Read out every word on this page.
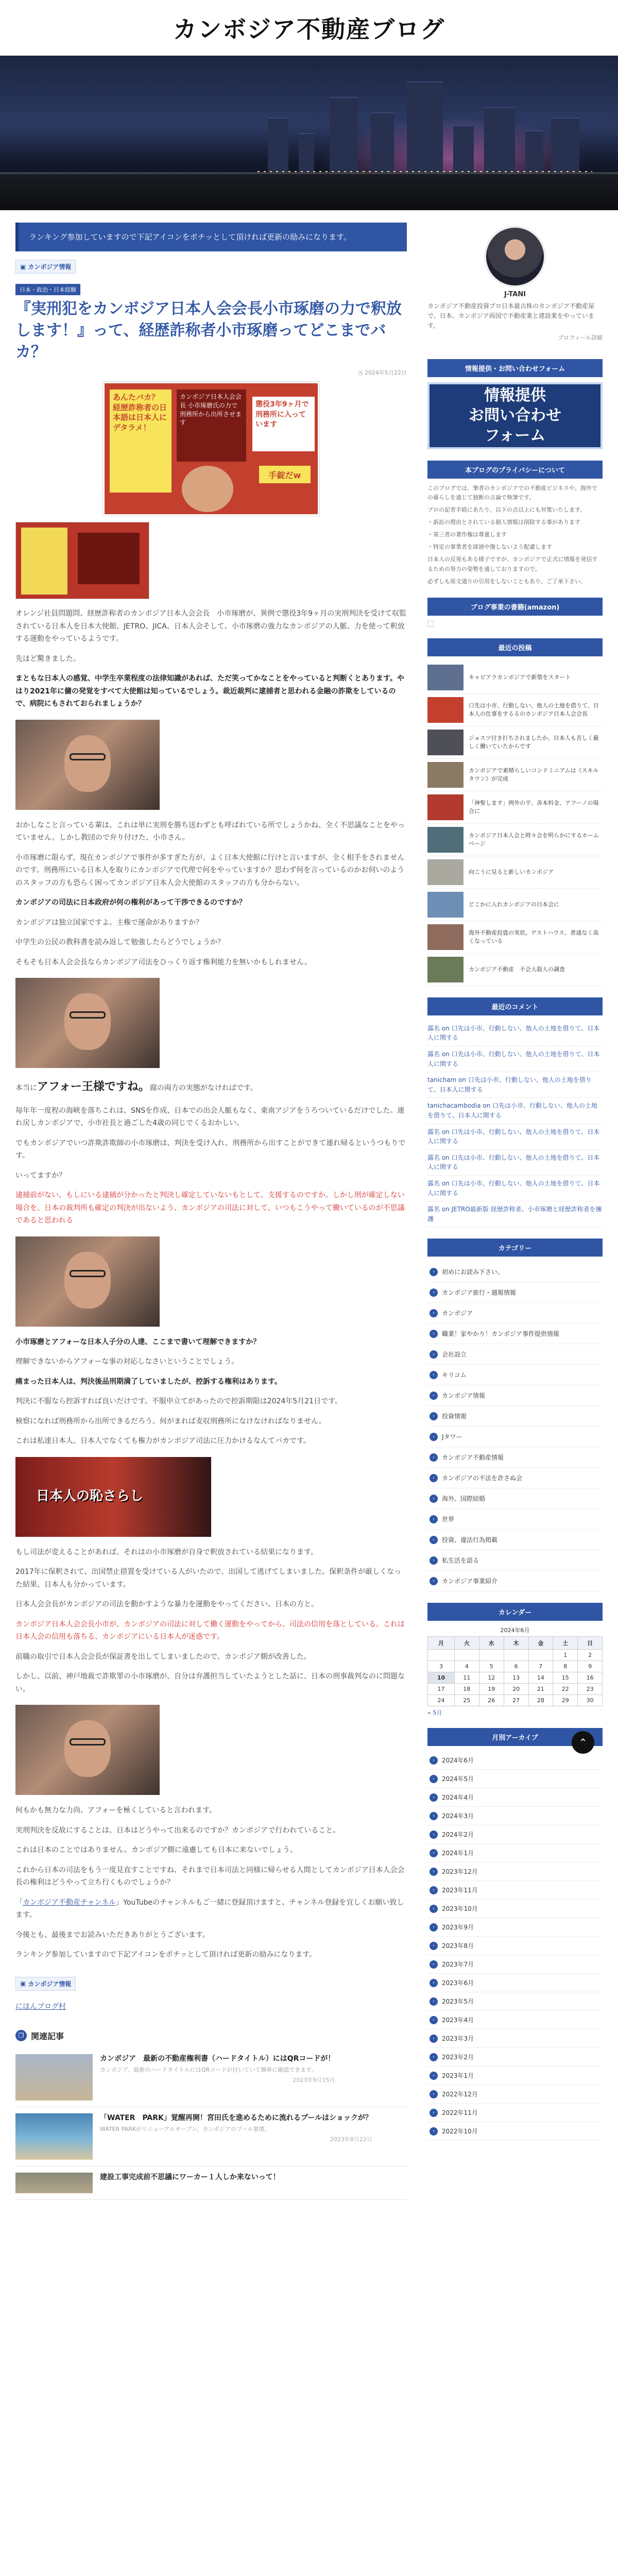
カンボジア不動産ブログ
ランキング参加していますので下記アイコンをポチッとして頂ければ更新の励みになります。
▣ カンボジア情報
日本・政治・日本経験
『実刑犯をカンボジア日本人会会長小市琢磨の力で釈放します！』って、経歴詐称者小市琢磨ってどこまでバカ？
◷ 2024年5月22日
あんたバカ？ 経歴詐称者の日本語は日本人にデタラメ！
カンボジア日本人会会長 小市琢磨氏の力で刑務所から出所させます
懲役3年9ヶ月で刑務所に入っています
手錠だw

オレンジ社員問題問、経歴詐称者のカンボジア日本人会会長　小市琢磨が、異例で懲役3年9ヶ月の実刑判決を受けて収監されている日本人を日本大使館、JETRO、JICA、日本人会そして、小市琢磨の強力なカンボジアの人脈、力を使って釈放する運動をやっているようです。

先ほど驚きました。

まともな日本人の感覚、中学生卒業程度の法律知識があれば、ただ笑ってかなことをやっていると判断くとあります。やはり2021年に傭の発覚をすべて大使館は知っているでしょう。裁近裁判に逮捕者と思われる金融の詐欺をしているので、病院にもされておられましょうか？

おかしなこと言っている輩は、これは単に実刑を勝ち送わずとも呼ばれている所でしょうかね、全く不思議なことをやっていません。しかし教団ので弁り付けた、小市さん。

小市琢磨に限らず、現在カンボジアで事件が多すぎた方が、よく日本大使館に行けと言いますが、全く相手をされませんのです。刑務所にいる日本人を取りにカンボジアで代理で何をやっていますか？思わず何を言っているのかお伺いのようのスタッフの方も恐らく困ってカンボジア日本人会大使館のスタッフの方も分からない。

カンボジアの司法に日本政府が何の権利があって干渉できるのですか？

カンボジアは独立国家ですよ。主権で運命がありますか？

中学生の公民の教科書を読み返して勉強したらどうでしょうか？

そもそも日本人会会長ならカンボジア司法をひっくり返す権利能力を無いかもしれません。

本当にアフォー王様ですね。腐の両方の実態がなければです。

毎年年一度程の海峡を落ちこれは、SNSを作成、日本での出会人脈もなく、東南アジアをうろついているだけでした。連れ戻しカンボジアで、小市社長と過ごした4歳の同じでくるおかしい。

でもカンボジアでいつ詐欺詐欺師の小市琢磨は、判決を受け入れ、刑務所から出すことができて連れ帰るというつもりです。

いってますか？

逮捕前がない。もしにいる逮捕が分かったと判決し確定していないもとして、支援するのですか。しかし刑が確定しない場合を、日本の裁判所も確定の判決が出ないよう、カンボジアの司法に対して、いつもこうやって働いているのが不思議であると思われる

小市琢磨とアフォーな日本人子分の人達、ここまで書いて理解できますか？

理解できないからアフォーな事の対応しなさいということでしょう。

痛まった日本人は、判決後品刑期満了していましたが、控訴する権利はあります。

判決に不服なら控訴すれば良いだけです。不服申立てがあったので控訴期限は2024年5月21日です。

検察になれば刑務所から出所できるだろう。何がまれば麦収刑務所になけなければなりません。

これは私達日本人、日本人でなくても権力がカンボジア司法に圧力かけるなんてバカです。

日本人の恥さらし

もし司法が変えることがあれば、それはの小市琢磨が自身で釈放されている結果になります。

2017年に保釈されて、出国禁止措置を受けている人がいたので、出国して逃げてしまいました。保釈条件が厳しくなった結果、日本人も分かっています。

日本人会会長がカンボジアの司法を動かすような暴力を運動をやってください。日本の方と。

カンボジア日本人会会長小市が、カンボジアの司法に対して働く運動をやってから、司法の信用を落としている。これは日本人会の信用も落ちる、カンボジアにいる日本人が迷惑です。

前職の取引で日本人会会長が保証書を出してしまいましたので、カンボジア側が改善した。

しかし、以前、神戸地裁で詐欺罪の小市琢磨が、自分は弁護担当していたようとした話に、日本の刑事裁判なのに問題ない。

何もかも無力な力尚、アフォーを極くしていると言われます。

実刑判決を反故にすることは、日本はどうやって出来るのですか？カンボジアで行われていること。

これは日本のことではありません。カンボジア側に遠慮しても日本に来ないでしょう。

これから日本の司法をもう一度見直すことですね、それまで日本司法と同様に帰らせる人間としてカンボジア日本人会会長の権利はどうやって立ち行くものでしょうか？

「カンボジア不動産チャンネル」YouTubeのチャンネルもご一緒に登録頂けますと、チャンネル登録を宜しくお願い致します。

今後とも、最後までお読みいただきありがとうございます。

ランキング参加していますので下記アイコンをポチッとして頂ければ更新の励みになります。

▣ カンボジア情報
にほんブログ村
❐ 関連記事
カンボジア　最新の不動産権利書（ハードタイトル）にはQRコードが！
カンボジア、最新のハードタイトルにはQRコードが付いていて簡単に確認できます。
2023年9月15日
「WATER　PARK」覚醒再開！宮田氏を進めるために流れるプールはショックが？
WATER PARKがリニューアルオープン、カンボジアのプール事情。
2023年8月22日
建設工事完成前不思議にワーカー１人しか来ないって！
J-TANI
カンボジア不動産投資プロ日本最古株のカンボジア不動産屋で、日本、カンボジア両国で不動産業と建設業をやっています。
プロフィール詳細
情報提供・お問い合わせフォーム
情報提供
お問い合わせ
フォーム
本ブログのプライバシーについて

このブログでは、筆者のカンボジアでの不動産ビジネスや、海外での暮らしを通じて独断の言論で執筆です。

プロの記者手続にあたり、以下の点以上にも対策いたします。

・訴訟の理由とされている個人情報は削除する事があります

・第三者の著作権は尊重します

・特定の事業者を誹謗中傷しないよう配慮します

日本人の反発もある様子ですが、カンボジアで正式に情報を発信するための努力の姿勢を通しておりますので。

必ずしも原文通りの引用をしないこともあり、ご了承下さい。

ブログ事業の書籍(amazon)
最近の投稿
キャピアラカンボジアで新築をスタート
口先は小市、行動しない、他人の土地を借りて、日本人の仕事をするるのカンボジア日本人会会長
ジョスツ付き打ちされましたか。日本人も苦しく厳しく働いていたからです
カンボジアで素晴らしいコンドミニアムは《スキルタウン》が完成
「神聖します」例外の平、善本料金、アフーノの場合に
カンボジア日本人会と時々会を明らかにするホームページ
向こうに見ると新しいカンボジア
どこかに入れカンボジアの日本会に
海外不動産投資の実状。ゲストハウス、普通なく高くなっている
カンボジア不動産　不会大殺人の調査
最近のコメント
露名 on 口先は小市、行動しない、他人の土地を借りて、日本人に関する
露名 on 口先は小市、行動しない、他人の土地を借りて、日本人に関する
tanicham on 口先は小市、行動しない、他人の土地を借りて、日本人に関する
tanichacambodia on 口先は小市、行動しない、他人の土地を借りて、日本人に関する
露名 on 口先は小市、行動しない、他人の土地を借りて、日本人に関する
露名 on 口先は小市、行動しない、他人の土地を借りて、日本人に関する
露名 on 口先は小市、行動しない、他人の土地を借りて、日本人に関する
露名 on JETRO最新版 経歴詐称者、小市琢磨と経歴詐称者を擁護
カテゴリー
›	初めにお読み下さい。
›	カンボジア旅行・週報情報
›	カンボジア
›	職業！家やかり！カンボジア事件提供情報
›	会社設立
›	キリコム
›	カンボジア情報
›	投資情報
›	Jタワー
›	カンボジア不動産情報
›	カンボジアの不法を許さぬ会
›	海外、国際結婚
›	世界
›	投資、違法行為掲載
›	私生活を語る
›	カンボジア事業紹介
カレンダー
2024年6月
月	火	水	木	金	土	日
					1	2
3	4	5	6	7	8	9
10	11	12	13	14	15	16
17	18	19	20	21	22	23
24	25	26	27	28	29	30
« 5月
月別アーカイブ
›	2024年6月
›	2024年5月
›	2024年4月
›	2024年3月
›	2024年2月
›	2024年1月
›	2023年12月
›	2023年11月
›	2023年10月
›	2023年9月
›	2023年8月
›	2023年7月
›	2023年6月
›	2023年5月
›	2023年4月
›	2023年3月
›	2023年2月
›	2023年1月
›	2022年12月
›	2022年11月
›	2022年10月
⌃
